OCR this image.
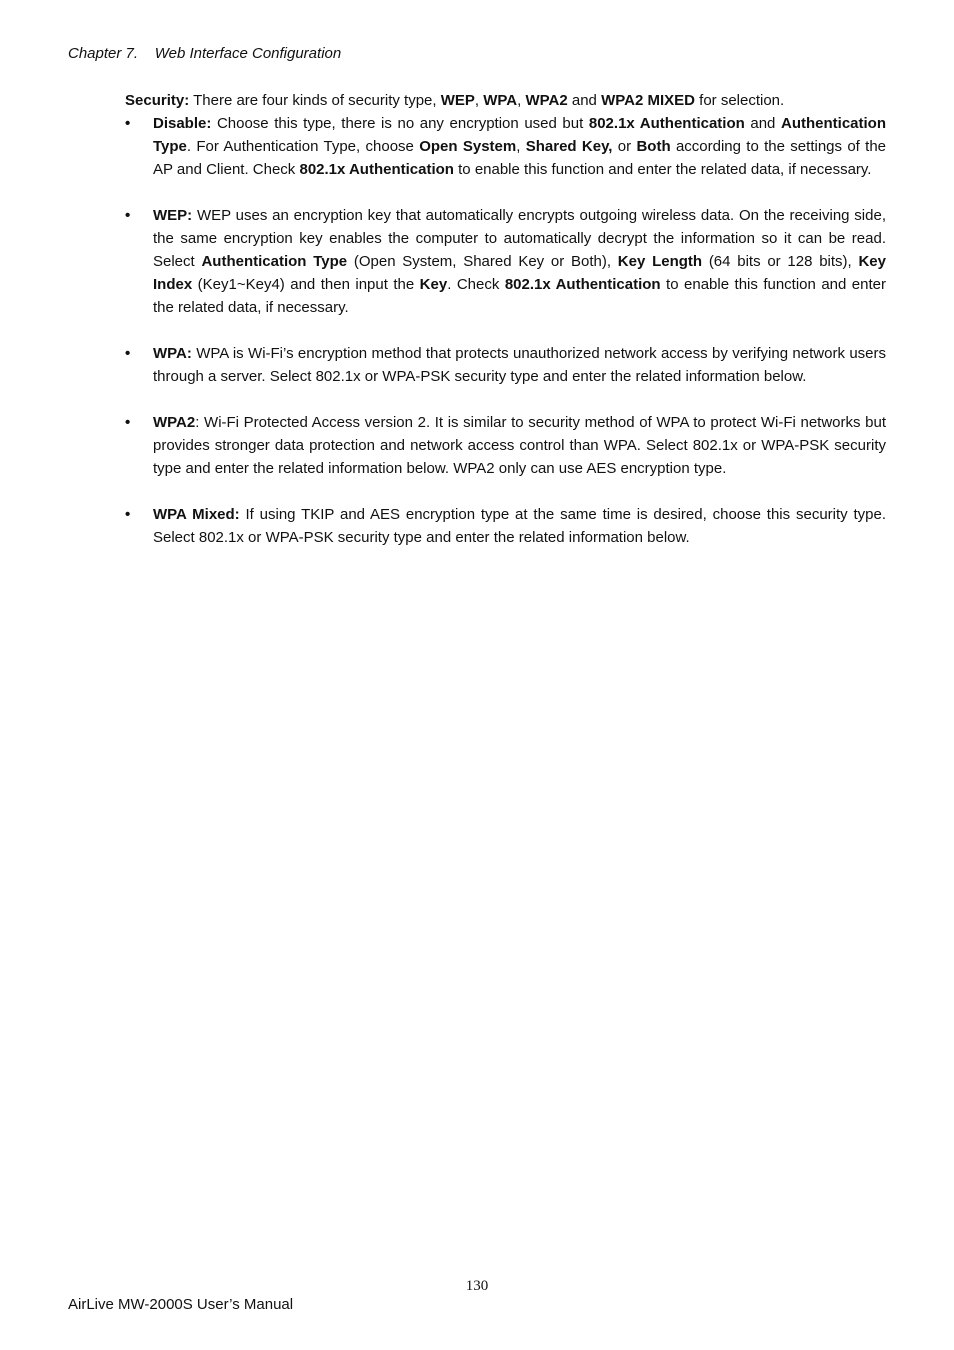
Chapter 7.    Web Interface Configuration

Security: There are four kinds of security type, WEP, WPA, WPA2 and WPA2 MIXED for selection.

• Disable: Choose this type, there is no any encryption used but 802.1x Authentication and Authentication Type. For Authentication Type, choose Open System, Shared Key, or Both according to the settings of the AP and Client. Check 802.1x Authentication to enable this function and enter the related data, if necessary.
• WEP: WEP uses an encryption key that automatically encrypts outgoing wireless data. On the receiving side, the same encryption key enables the computer to automatically decrypt the information so it can be read. Select Authentication Type (Open System, Shared Key or Both), Key Length (64 bits or 128 bits), Key Index (Key1~Key4) and then input the Key. Check 802.1x Authentication to enable this function and enter the related data, if necessary.
• WPA: WPA is Wi-Fi’s encryption method that protects unauthorized network access by verifying network users through a server. Select 802.1x or WPA-PSK security type and enter the related information below.
• WPA2: Wi-Fi Protected Access version 2. It is similar to security method of WPA to protect Wi-Fi networks but provides stronger data protection and network access control than WPA. Select 802.1x or WPA-PSK security type and enter the related information below. WPA2 only can use AES encryption type.
• WPA Mixed: If using TKIP and AES encryption type at the same time is desired, choose this security type. Select 802.1x or WPA-PSK security type and enter the related information below.
130
AirLive MW-2000S User’s Manual
